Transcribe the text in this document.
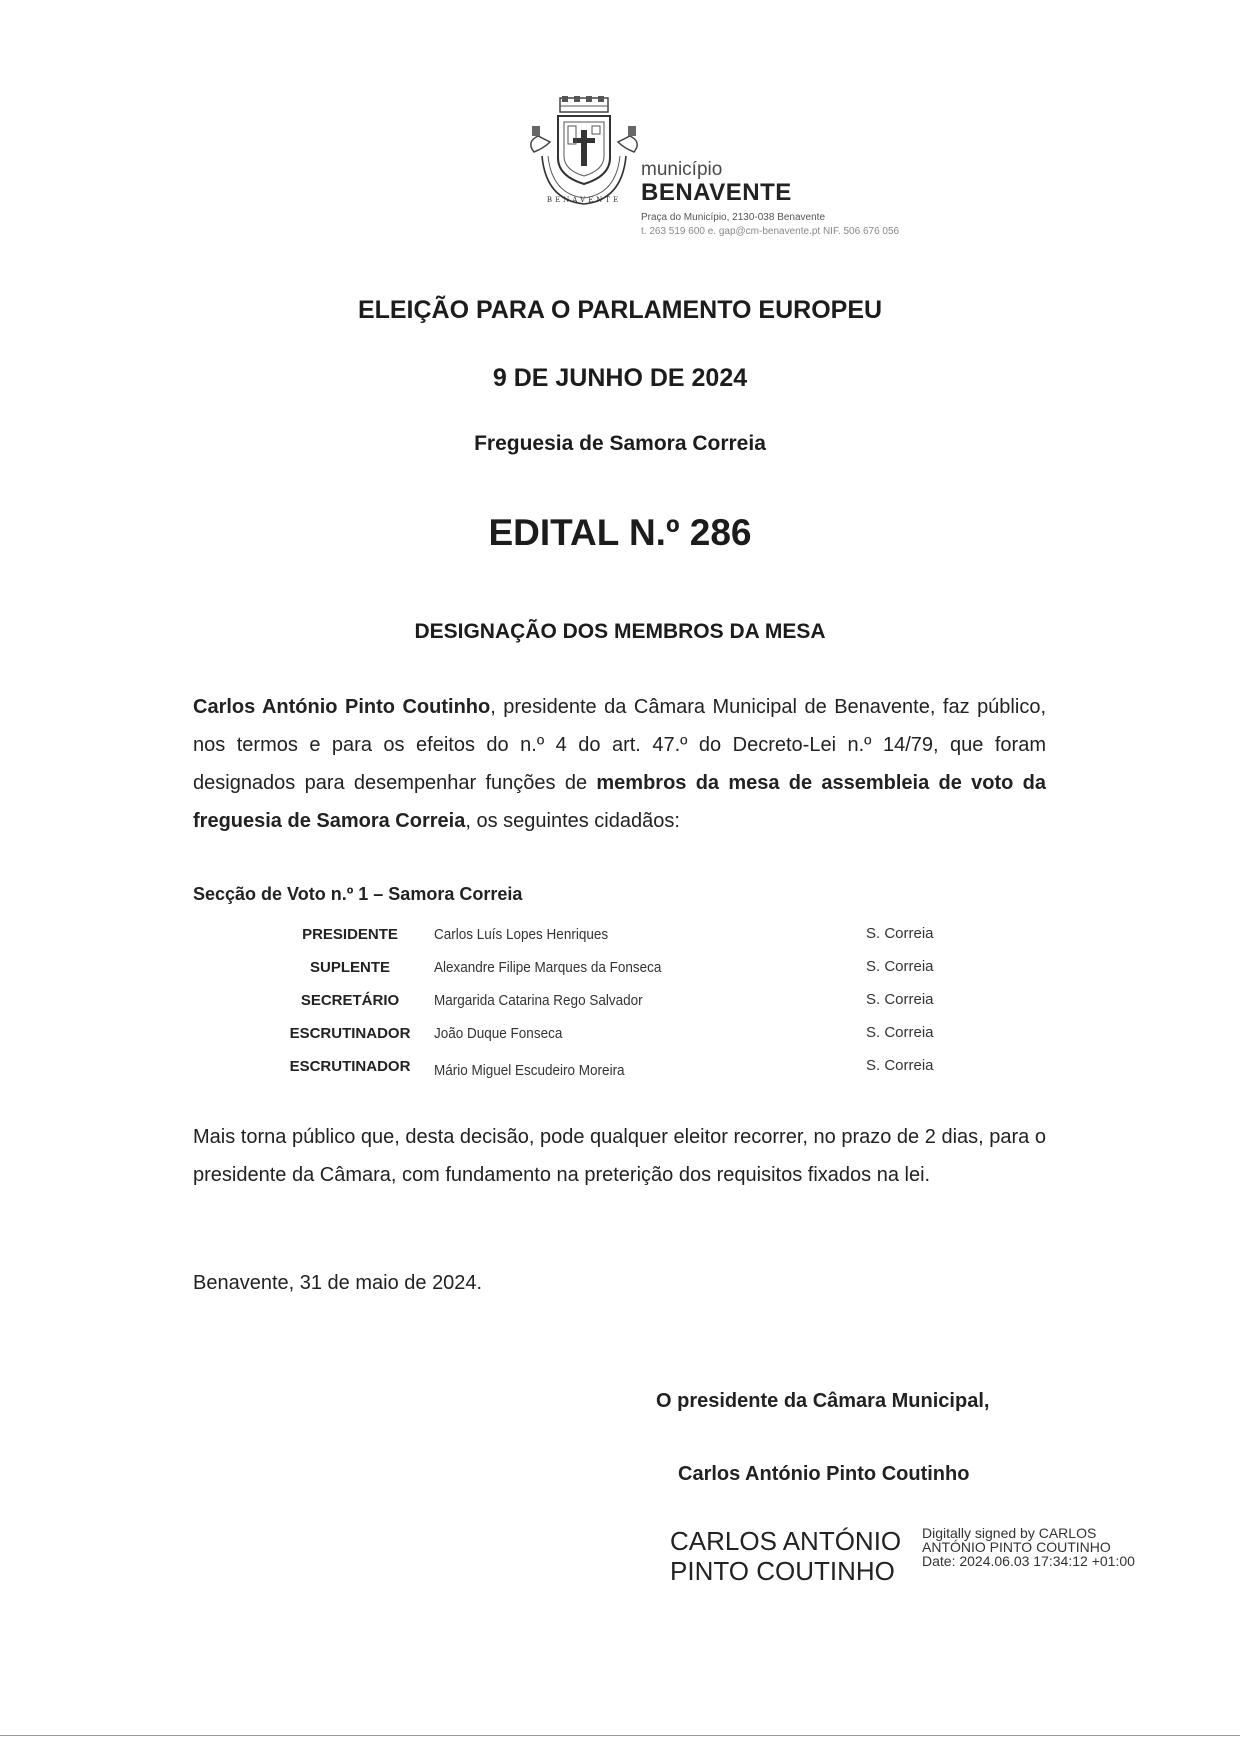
BENAVENTE

município

BENAVENTE

Praça do Município, 2130-038 Benavente

t. 263 519 600 e. gap@cm-benavente.pt NIF. 506 676 056

ELEIÇÃO PARA O PARLAMENTO EUROPEU
9 DE JUNHO DE 2024
Freguesia de Samora Correia
EDITAL N.º 286
DESIGNAÇÃO DOS MEMBROS DA MESA

Carlos António Pinto Coutinho, presidente da Câmara Municipal de Benavente, faz público, nos termos e para os efeitos do n.º 4 do art. 47.º do Decreto-Lei n.º 14/79, que foram designados para desempenhar funções de membros da mesa de assembleia de voto da freguesia de Samora Correia, os seguintes cidadãos:

Secção de Voto n.º 1 – Samora Correia

PRESIDENTE	Carlos Luís Lopes Henriques	S. Correia
SUPLENTE	Alexandre Filipe Marques da Fonseca	S. Correia
SECRETÁRIO	Margarida Catarina Rego Salvador	S. Correia
ESCRUTINADOR	João Duque Fonseca	S. Correia
ESCRUTINADOR	Mário Miguel Escudeiro Moreira	S. Correia

Mais torna público que, desta decisão, pode qualquer eleitor recorrer, no prazo de 2 dias, para o presidente da Câmara, com fundamento na preterição dos requisitos fixados na lei.

Benavente, 31 de maio de 2024.

O presidente da Câmara Municipal,

Carlos António Pinto Coutinho

CARLOS ANTÓNIO
PINTO COUTINHO
Digitally signed by CARLOS
ANTÓNIO PINTO COUTINHO
Date: 2024.06.03 17:34:12 +01:00
